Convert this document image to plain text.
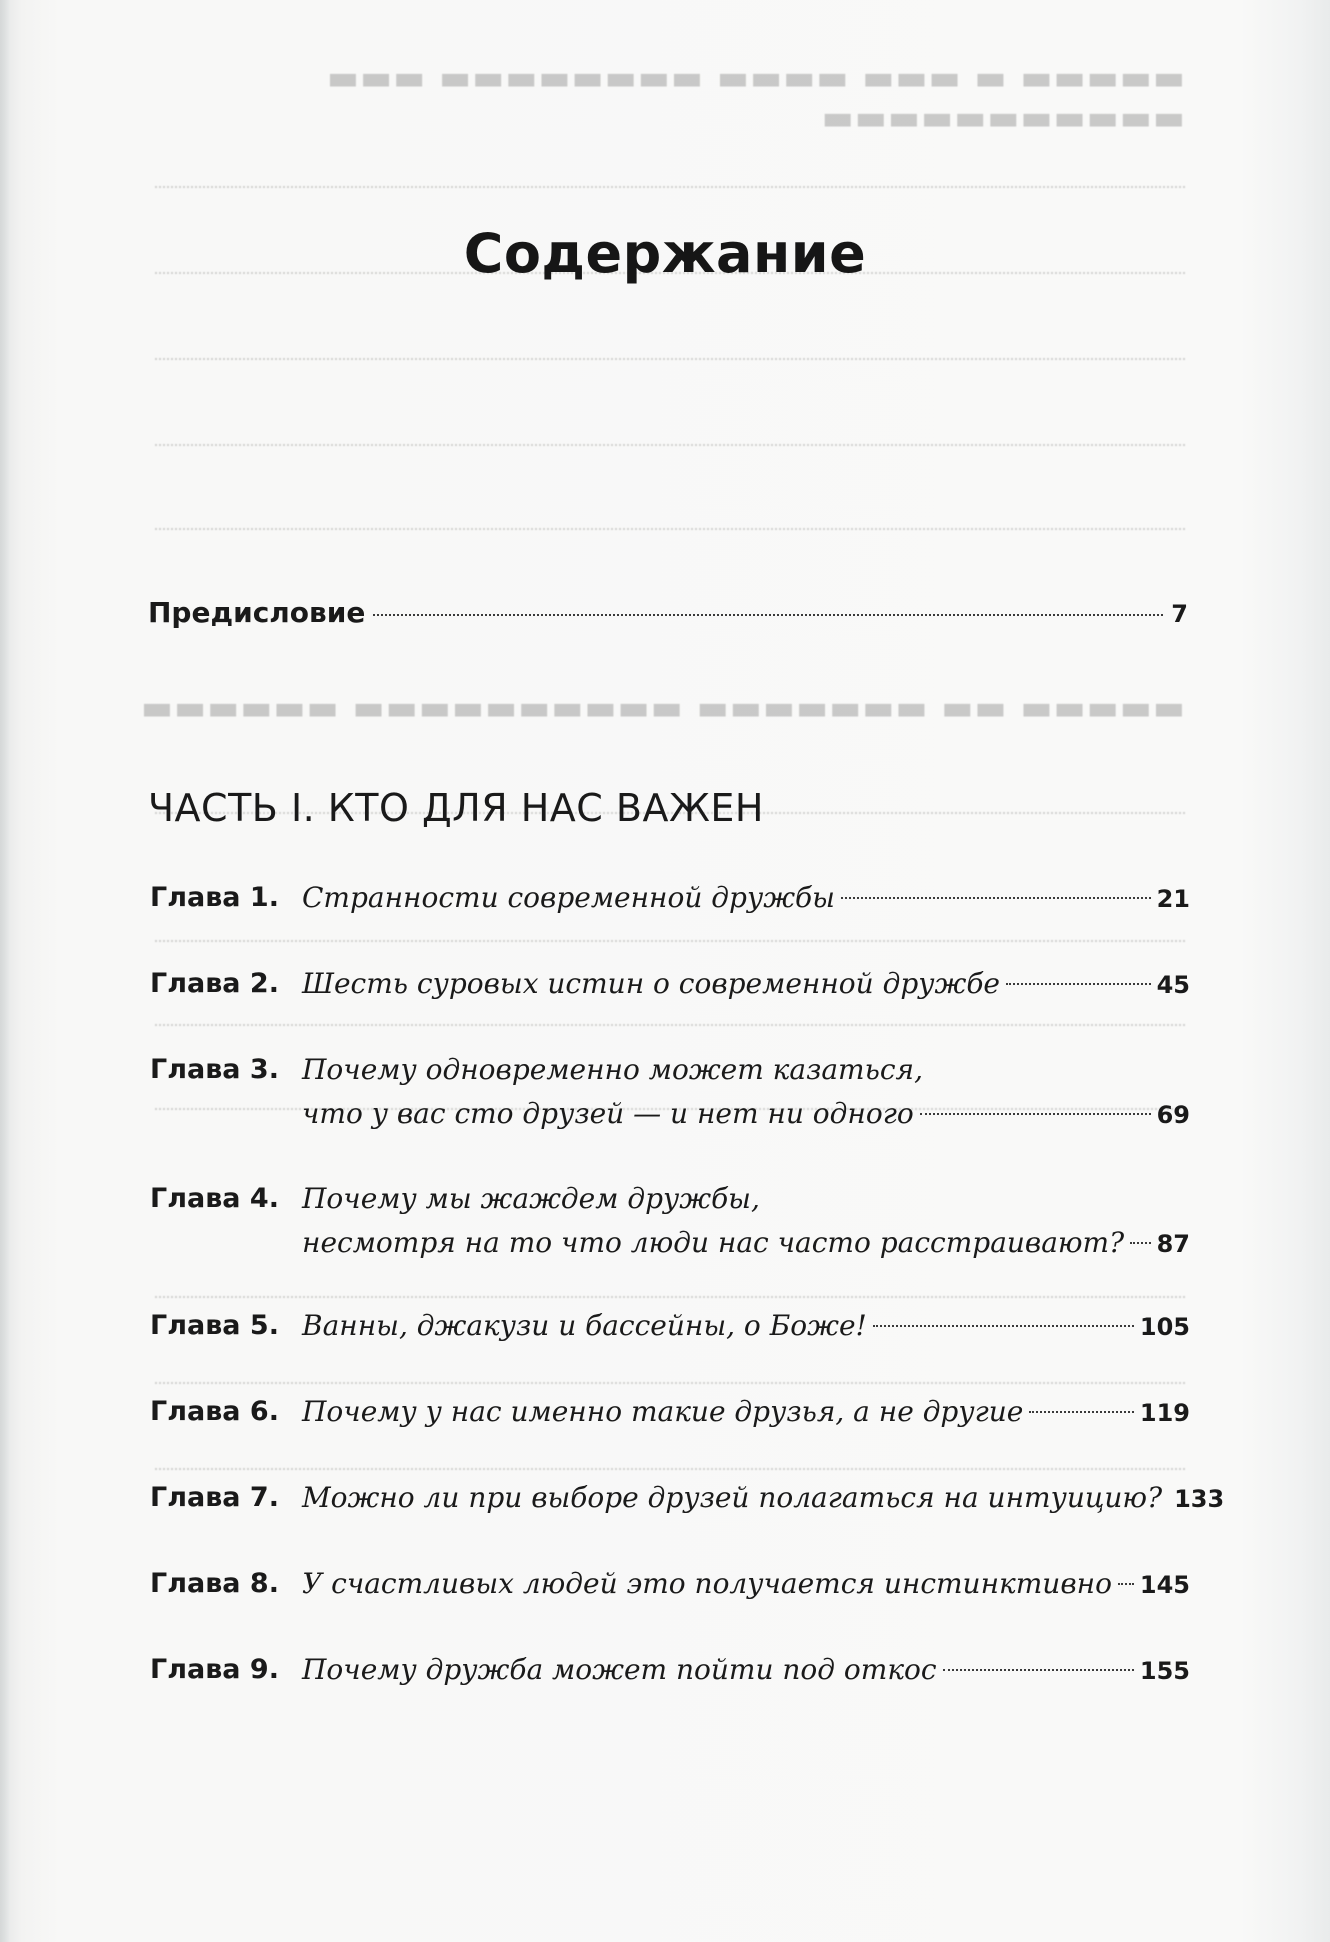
▬▬▬▬▬ ▬ ▬▬▬ ▬▬▬▬ ▬▬▬▬▬▬▬▬ ▬▬▬ ▬▬▬▬▬▬▬▬▬▬▬
▬▬▬▬▬ ▬▬ ▬▬▬▬▬▬▬ ▬▬▬▬▬▬▬▬▬▬ ▬▬▬▬▬▬
Содержание
Предисловие	7
ЧАСТЬ I. КТО ДЛЯ НАС ВАЖЕН
Глава 1. Странности современной дружбы	21
Глава 2. Шесть суровых истин о современной дружбе	45
Глава 3. Почему одновременно может казаться,
что у вас сто друзей — и нет ни одного	69
Глава 4. Почему мы жаждем дружбы,
несмотря на то что люди нас часто расстраивают? 87
Глава 5. Ванны, джакузи и бассейны, о Боже!	105
Глава 6. Почему у нас именно такие друзья, а не другие	119
Глава 7. Можно ли при выборе друзей полагаться на интуицию? 133
Глава 8. У счастливых людей это получается инстинктивно 145
Глава 9. Почему дружба может пойти под откос	155
